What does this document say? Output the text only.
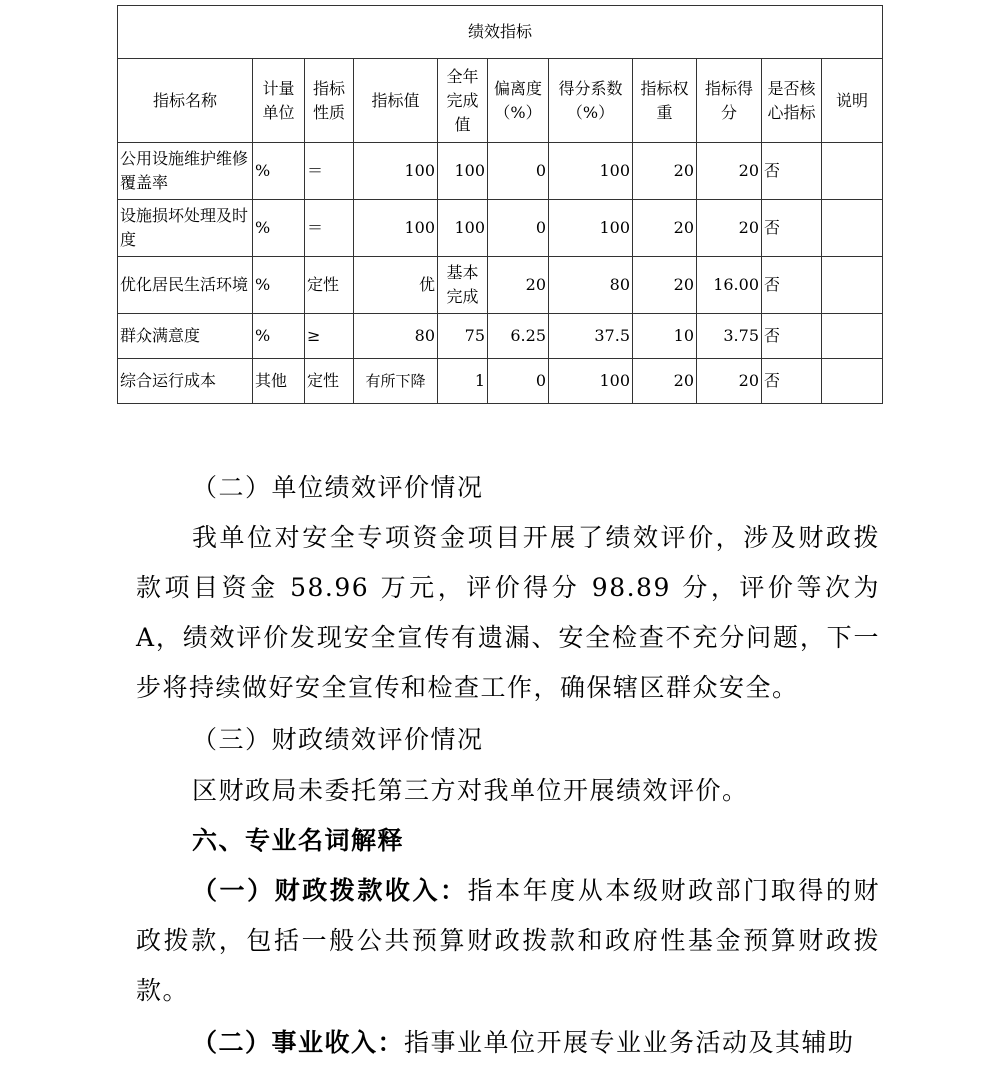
绩效指标										
指标名称	计量单位	指标性质	指标值	全年完成值	偏离度（%）	得分系数（%）	指标权重	指标得分	是否核心指标	说明
公用设施维护维修覆盖率	%	＝	100	100	0	100	20	20	否	
设施损坏处理及时度	%	＝	100	100	0	100	20	20	否	
优化居民生活环境	%	定性	优	基本完成	20	80	20	16.00	否	
群众满意度	%	≥	80	75	6.25	37.5	10	3.75	否	
综合运行成本	其他	定性	有所下降	1	0	100	20	20	否	

（二）单位绩效评价情况

我单位对安全专项资金项目开展了绩效评价，涉及财政拨款项目资金 58.96 万元，评价得分 98.89 分，评价等次为 A，绩效评价发现安全宣传有遗漏、安全检查不充分问题，下一步将持续做好安全宣传和检查工作，确保辖区群众安全。

（三）财政绩效评价情况

区财政局未委托第三方对我单位开展绩效评价。

六、专业名词解释

（一）财政拨款收入：指本年度从本级财政部门取得的财政拨款，包括一般公共预算财政拨款和政府性基金预算财政拨款。

（二）事业收入：指事业单位开展专业业务活动及其辅助
